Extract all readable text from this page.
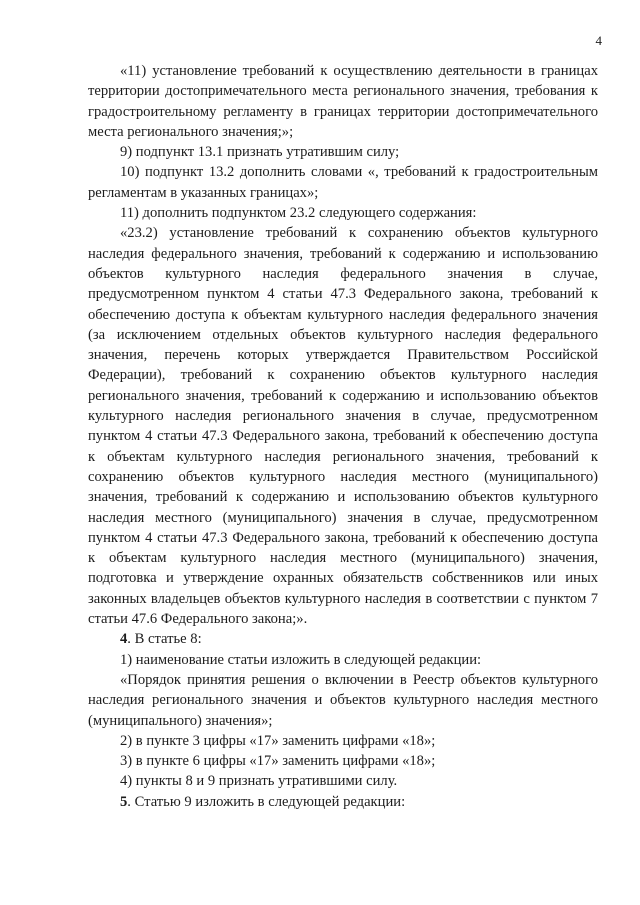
4

«11) установление требований к осуществлению деятельности в границах территории достопримечательного места регионального значения, требования к градостроительному регламенту в границах территории достопримечательного места регионального значения;»;

9) подпункт 13.1 признать утратившим силу;

10) подпункт 13.2 дополнить словами «, требований к градостроительным регламентам в указанных границах»;

11) дополнить подпунктом 23.2 следующего содержания:

«23.2) установление требований к сохранению объектов культурного наследия федерального значения, требований к содержанию и использованию объектов культурного наследия федерального значения в случае, предусмотренном пунктом 4 статьи 47.3 Федерального закона, требований к обеспечению доступа к объектам культурного наследия федерального значения (за исключением отдельных объектов культурного наследия федерального значения, перечень которых утверждается Правительством Российской Федерации), требований к сохранению объектов культурного наследия регионального значения, требований к содержанию и использованию объектов культурного наследия регионального значения в случае, предусмотренном пунктом 4 статьи 47.3 Федерального закона, требований к обеспечению доступа к объектам культурного наследия регионального значения, требований к сохранению объектов культурного наследия местного (муниципального) значения, требований к содержанию и использованию объектов культурного наследия местного (муниципального) значения в случае, предусмотренном пунктом 4 статьи 47.3 Федерального закона, требований к обеспечению доступа к объектам культурного наследия местного (муниципального) значения, подготовка и утверждение охранных обязательств собственников или иных законных владельцев объектов культурного наследия в соответствии с пунктом 7 статьи 47.6 Федерального закона;».

4. В статье 8:

1) наименование статьи изложить в следующей редакции:

«Порядок принятия решения о включении в Реестр объектов культурного наследия регионального значения и объектов культурного наследия местного (муниципального) значения»;

2) в пункте 3 цифры «17» заменить цифрами «18»;

3) в пункте 6 цифры «17» заменить цифрами «18»;

4) пункты 8 и 9 признать утратившими силу.

5. Статью 9 изложить в следующей редакции:
